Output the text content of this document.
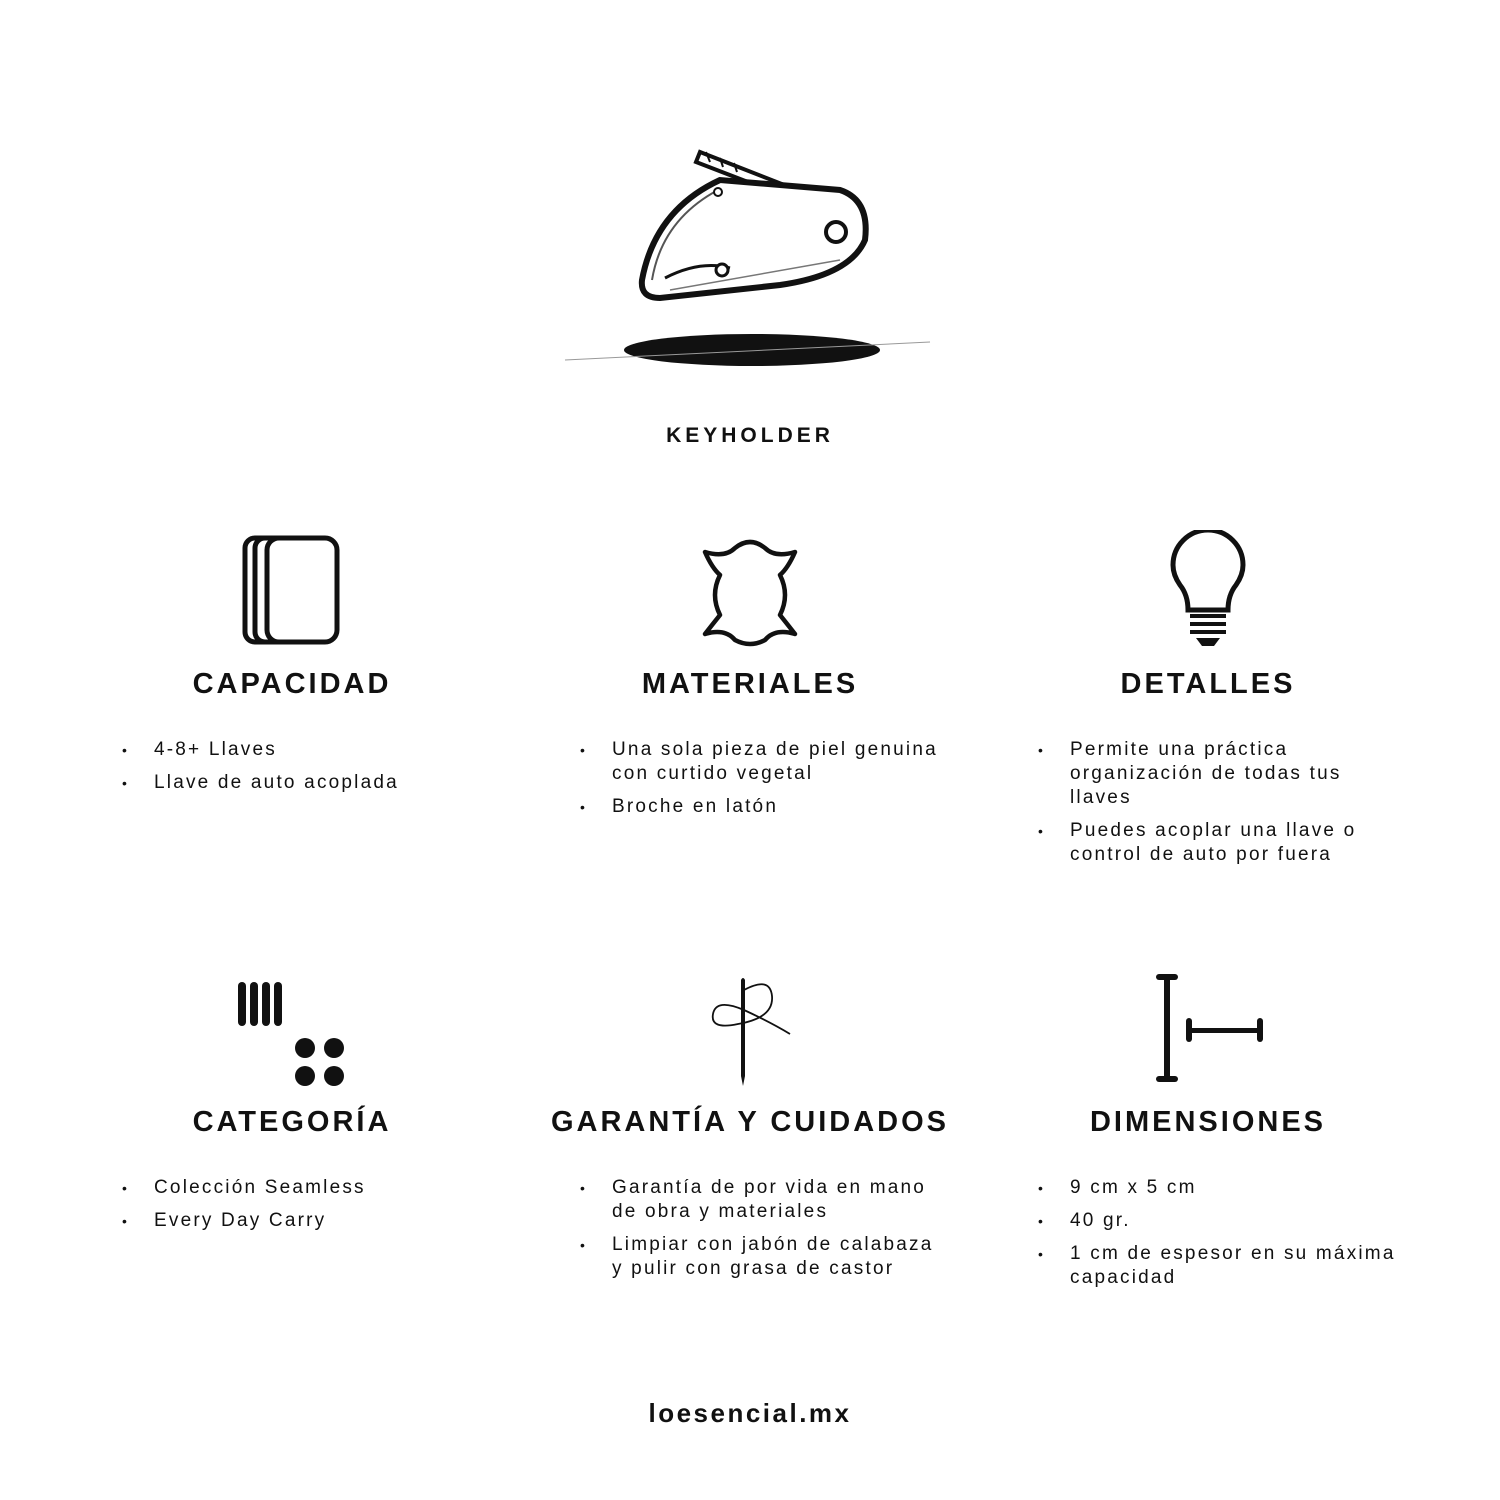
KEYHOLDER
CAPACIDAD
• 4-8+ Llaves
• Llave de auto acoplada
MATERIALES
• Una sola pieza de piel genuina con curtido vegetal
• Broche en latón
DETALLES
• Permite una práctica organización de todas tus llaves
• Puedes acoplar una llave o control de auto por fuera
CATEGORÍA
• Colección Seamless
• Every Day Carry
GARANTÍA Y CUIDADOS
• Garantía de por vida en mano de obra y materiales
• Limpiar con jabón de calabaza y pulir con grasa de castor
DIMENSIONES
• 9 cm x 5 cm
• 40 gr.
• 1 cm de espesor en su máxima capacidad
loesencial.mx
